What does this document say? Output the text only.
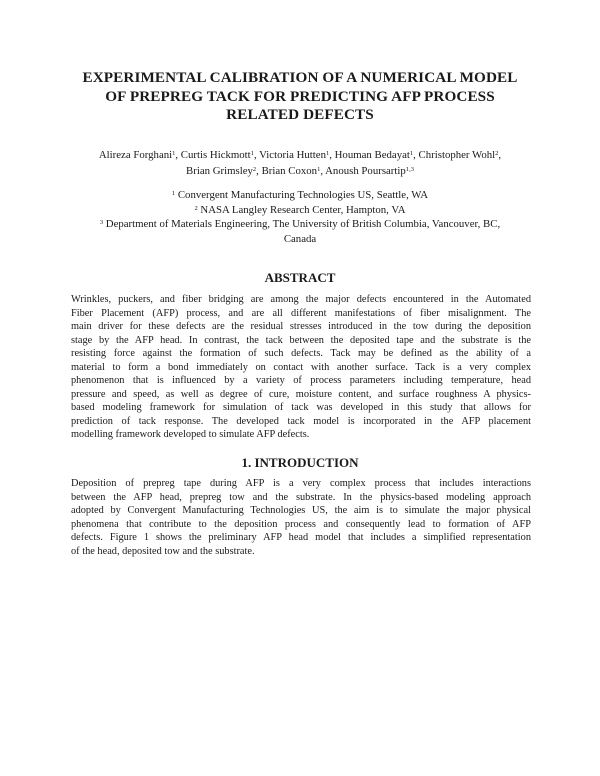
EXPERIMENTAL CALIBRATION OF A NUMERICAL MODEL
OF PREPREG TACK FOR PREDICTING AFP PROCESS
RELATED DEFECTS
Alireza Forghani$^1$, Curtis Hickmott$^1$, Victoria Hutten$^1$, Houman Bedayat$^1$, Christopher Wohl$^2$,
Brian Grimsley$^2$, Brian Coxon$^1$, Anoush Poursartip$^{1,3}$
$^1$ Convergent Manufacturing Technologies US, Seattle, WA
$^2$ NASA Langley Research Center, Hampton, VA
$^3$ Department of Materials Engineering, The University of British Columbia, Vancouver, BC,
Canada
ABSTRACT
Wrinkles, puckers, and fiber bridging are among the major defects encountered in the Automated
Fiber Placement (AFP) process, and are all different manifestations of fiber misalignment. The
main driver for these defects are the residual stresses introduced in the tow during the deposition
stage by the AFP head. In contrast, the tack between the deposited tape and the substrate is the
resisting force against the formation of such defects. Tack may be defined as the ability of a
material to form a bond immediately on contact with another surface. Tack is a very complex
phenomenon that is influenced by a variety of process parameters including temperature, head
pressure and speed, as well as degree of cure, moisture content, and surface roughness A physics-
based modeling framework for simulation of tack was developed in this study that allows for
prediction of tack response. The developed tack model is incorporated in the AFP placement
modelling framework developed to simulate AFP defects.
1. INTRODUCTION
Deposition of prepreg tape during AFP is a very complex process that includes interactions
between the AFP head, prepreg tow and the substrate. In the physics-based modeling approach
adopted by Convergent Manufacturing Technologies US, the aim is to simulate the major physical
phenomena that contribute to the deposition process and consequently lead to formation of AFP
defects. Figure 1 shows the preliminary AFP head model that includes a simplified representation
of the head, deposited tow and the substrate.
